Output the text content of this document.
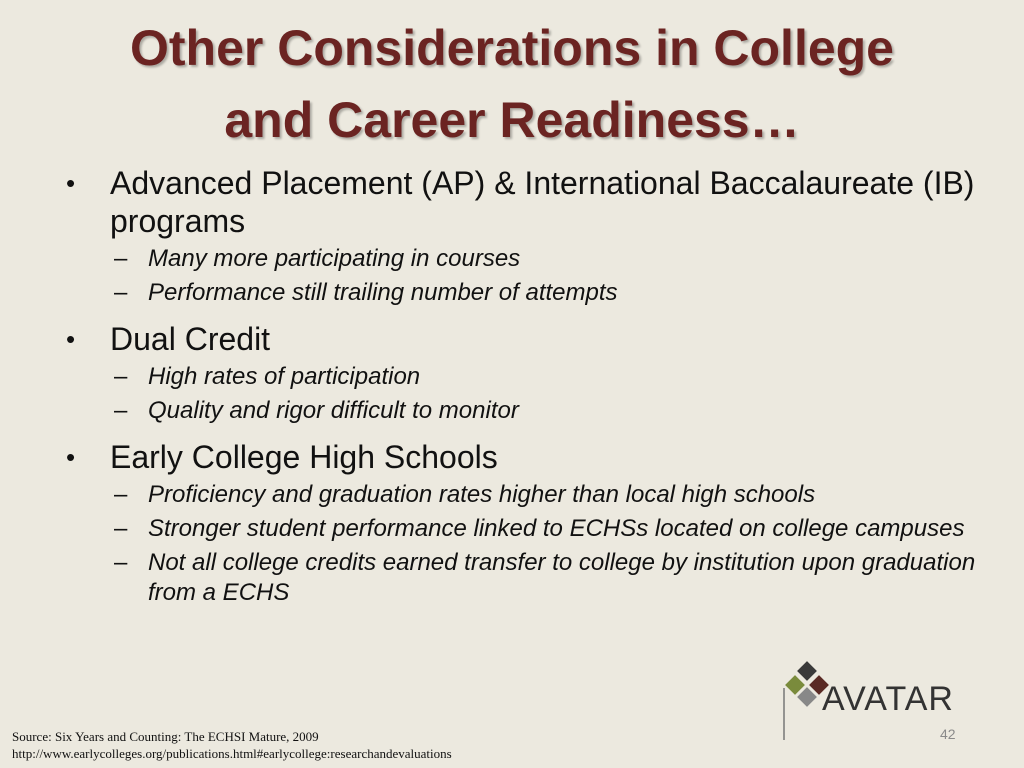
Other Considerations in College
and Career Readiness…
•	Advanced Placement (AP) & International Baccalaureate (IB) programs
– Many more participating in courses
– Performance still trailing number of attempts
•	Dual Credit
– High rates of participation
– Quality and rigor difficult to monitor
•	Early College High Schools
– Proficiency and graduation rates higher than local high schools
– Stronger student performance linked to ECHSs located on college campuses
– Not all college credits earned transfer to college by institution upon graduation from a ECHS
AVATAR
42
Source: Six Years and Counting: The ECHSI Mature, 2009
http://www.earlycolleges.org/publications.html#earlycollege:researchandevaluations
